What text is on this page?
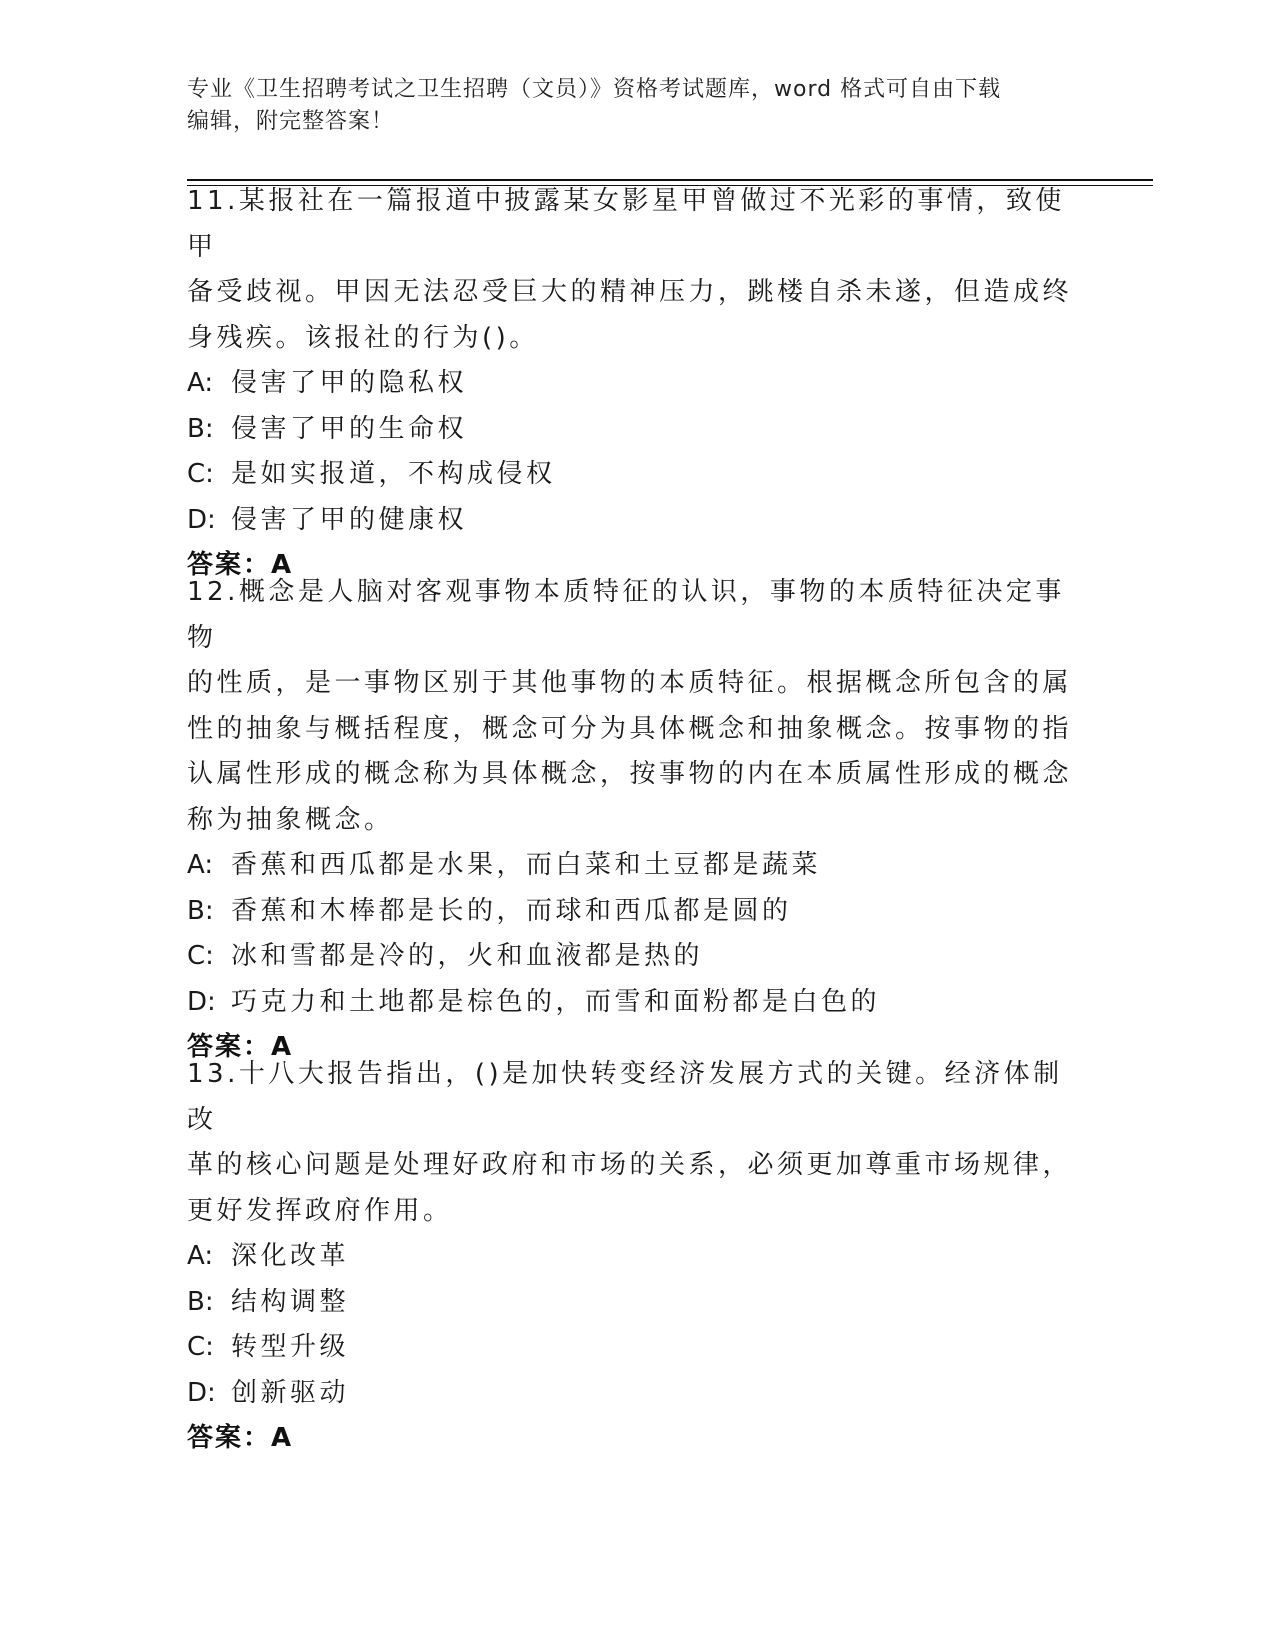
专业《卫生招聘考试之卫生招聘（文员）》资格考试题库，word 格式可自由下载
编辑，附完整答案！
11.某报社在一篇报道中披露某女影星甲曾做过不光彩的事情，致使甲
备受歧视。甲因无法忍受巨大的精神压力，跳楼自杀未遂，但造成终
身残疾。该报社的行为()。
A: 侵害了甲的隐私权
B: 侵害了甲的生命权
C: 是如实报道，不构成侵权
D: 侵害了甲的健康权
答案：A
12.概念是人脑对客观事物本质特征的认识，事物的本质特征决定事物
的性质，是一事物区别于其他事物的本质特征。根据概念所包含的属
性的抽象与概括程度，概念可分为具体概念和抽象概念。按事物的指
认属性形成的概念称为具体概念，按事物的内在本质属性形成的概念
称为抽象概念。
A: 香蕉和西瓜都是水果，而白菜和土豆都是蔬菜
B: 香蕉和木棒都是长的，而球和西瓜都是圆的
C: 冰和雪都是冷的，火和血液都是热的
D: 巧克力和土地都是棕色的，而雪和面粉都是白色的
答案：A
13.十八大报告指出，()是加快转变经济发展方式的关键。经济体制改
革的核心问题是处理好政府和市场的关系，必须更加尊重市场规律，
更好发挥政府作用。
A: 深化改革
B: 结构调整
C: 转型升级
D: 创新驱动
答案：A
